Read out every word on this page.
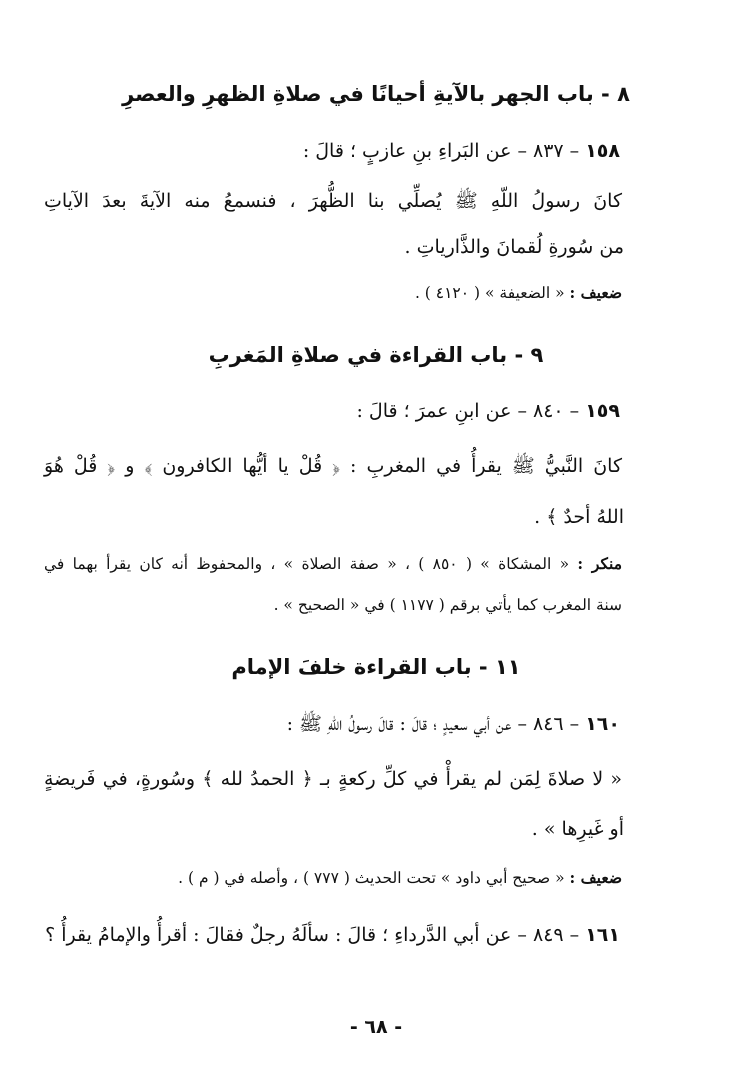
٨ - باب الجهر بالآيةِ أحيانًا في صلاةِ الظهرِ والعصرِ
١٥٨ – ٨٣٧ – عن البَراءِ بنِ عازبٍ ؛ قالَ :
كانَ رسولُ اللّهِ ﷺ يُصلِّي بنا الظُّهرَ ، فنسمعُ منه الآيةَ بعدَ الآياتِ
من سُورةِ لُقمانَ والذَّارياتِ .
ضعيف : « الضعيفة » ( ٤١٢٠ ) .
٩ - باب القراءة في صلاةِ المَغربِ
١٥٩ – ٨٤٠ – عن ابنِ عمرَ ؛ قالَ :
كانَ النَّبيُّ ﷺ يقرأُ في المغربِ : ﴿ قُلْ يا أيُّها الكافرون ﴾ و ﴿ قُلْ هُوَ
اللهُ أحدٌ ﴾ .
منكر : « المشكاة » ( ٨٥٠ ) ، « صفة الصلاة » ، والمحفوظ أنه كان يقرأ بهما في
سنة المغرب كما يأتي برقم ( ١١٧٧ ) في « الصحيح » .
١١ - باب القراءة خلفَ الإمام
١٦٠ – ٨٤٦ – عن أبي سعيدٍ ؛ قالَ : قالَ رسولُ اللّهِ ﷺ :
« لا صلاةَ لِمَن لم يقرأْ في كلِّ ركعةٍ بـ ﴿ الحمدُ لله ﴾ وسُورةٍ، في فَريضةٍ
أو غَيرِها » .
ضعيف : « صحيح أبي داود » تحت الحديث ( ٧٧٧ ) ، وأصله في ( م ) .
١٦١ – ٨٤٩ – عن أبي الدَّرداءِ ؛ قالَ : سألَهُ رجلٌ فقالَ : أقرأُ والإمامُ يقرأُ ؟
- ٦٨ -
